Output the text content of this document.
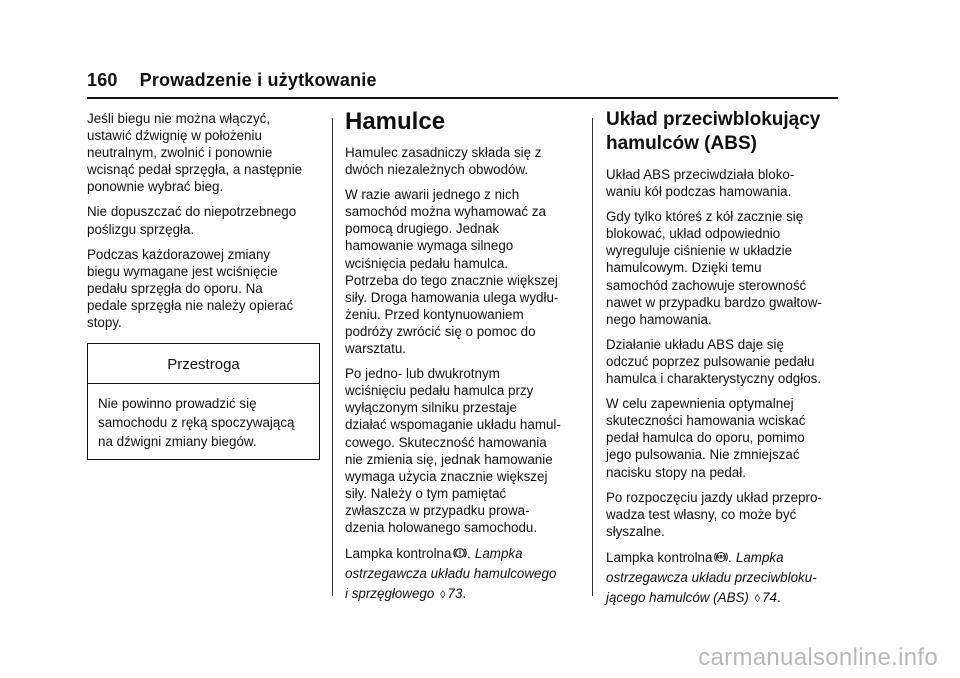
160 Prowadzenie i użytkowanie

Jeśli biegu nie można włączyć,
ustawić dźwignię w położeniu
neutralnym, zwolnić i ponownie
wcisnąć pedał sprzęgła, a następnie
ponownie wybrać bieg.

Nie dopuszczać do niepotrzebnego
poślizgu sprzęgła.

Podczas każdorazowej zmiany
biegu wymagane jest wciśnięcie
pedału sprzęgła do oporu. Na
pedale sprzęgła nie należy opierać
stopy.

Przestroga
Nie powinno prowadzić się
samochodu z ręką spoczywającą
na dźwigni zmiany biegów.
Hamulce

Hamulec zasadniczy składa się z
dwóch niezależnych obwodów.

W razie awarii jednego z nich
samochód można wyhamować za
pomocą drugiego. Jednak
hamowanie wymaga silnego
wciśnięcia pedału hamulca.
Potrzeba do tego znacznie większej
siły. Droga hamowania ulega wydłu-
żeniu. Przed kontynuowaniem
podróży zwrócić się o pomoc do
warsztatu.

Po jedno- lub dwukrotnym
wciśnięciu pedału hamulca przy
wyłączonym silniku przestaje
działać wspomaganie układu hamul-
cowego. Skuteczność hamowania
nie zmienia się, jednak hamowanie
wymaga użycia znacznie większej
siły. Należy o tym pamiętać
zwłaszcza w przypadku prowa-
dzenia holowanego samochodu.

Lampka kontrolna . Lampka
ostrzegawcza układu hamulcowego
i sprzęgłowego ◊ 73.

Układ przeciwblokujący
hamulców (ABS)

Układ ABS przeciwdziała bloko-
waniu kół podczas hamowania.

Gdy tylko któreś z kół zacznie się
blokować, układ odpowiednio
wyreguluje ciśnienie w układzie
hamulcowym. Dzięki temu
samochód zachowuje sterowność
nawet w przypadku bardzo gwałtow-
nego hamowania.

Działanie układu ABS daje się
odczuć poprzez pulsowanie pedału
hamulca i charakterystyczny odgłos.

W celu zapewnienia optymalnej
skuteczności hamowania wciskać
pedał hamulca do oporu, pomimo
jego pulsowania. Nie zmniejszać
nacisku stopy na pedał.

Po rozpoczęciu jazdy układ przepro-
wadza test własny, co może być
słyszalne.

Lampka kontrolna ABS . Lampka
ostrzegawcza układu przeciwbloku-
jącego hamulców (ABS) ◊ 74.

carmanualsonline.info
